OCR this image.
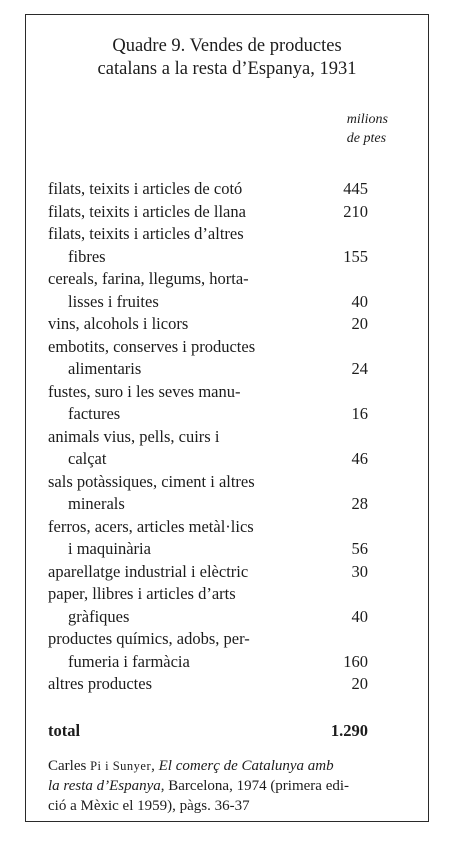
Quadre 9. Vendes de productes
catalans a la resta d’Espanya, 1931
milions
de ptes
filats, teixits i articles de cotó	445
filats, teixits i articles de llana	210
filats, teixits i articles d’altres
fibres	155
cereals, farina, llegums, horta-
lisses i fruites	40
vins, alcohols i licors	20
embotits, conserves i productes
alimentaris	24
fustes, suro i les seves manu-
factures	16
animals vius, pells, cuirs i
calçat	46
sals potàssiques, ciment i altres
minerals	28
ferros, acers, articles metàl·lics
i maquinària	56
aparellatge industrial i elèctric	30
paper, llibres i articles d’arts
gràfiques	40
productes químics, adobs, per-
fumeria i farmàcia	160
altres productes	20
total	1.290
Carles Pi i Sunyer, El comerç de Catalunya amb
la resta d’Espanya, Barcelona, 1974 (primera edi-
ció a Mèxic el 1959), pàgs. 36-37
